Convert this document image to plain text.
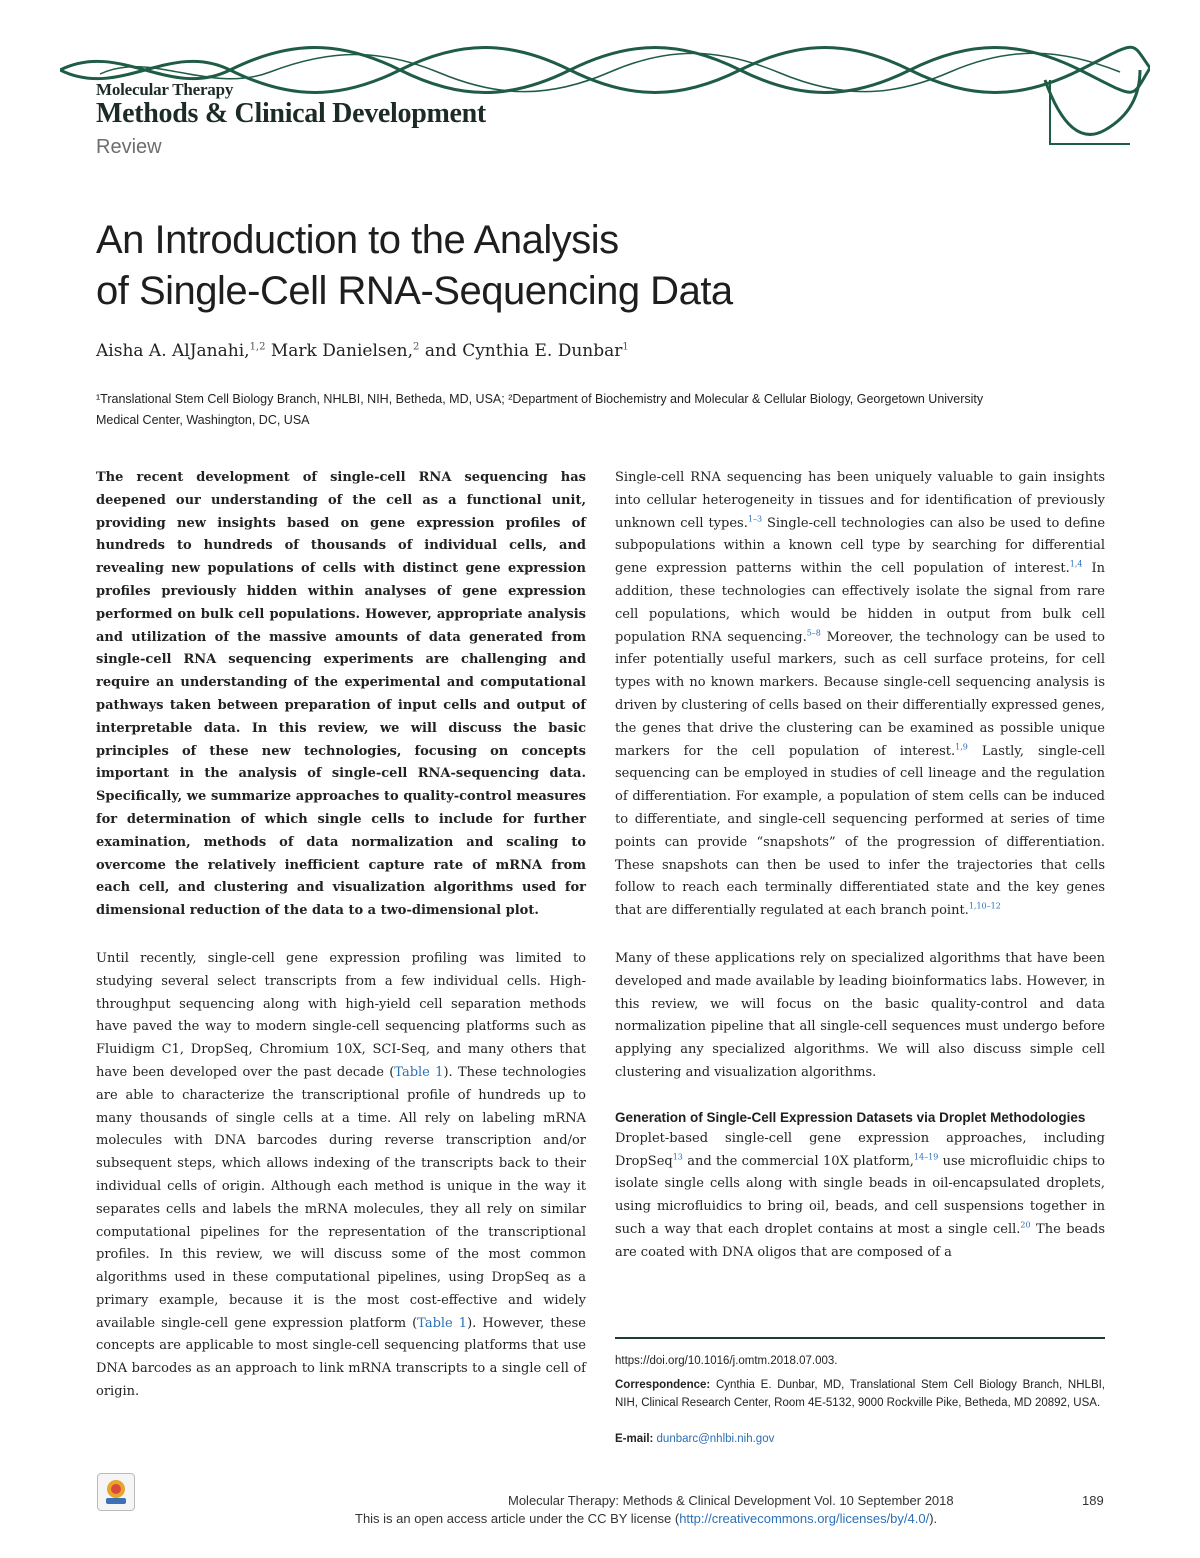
Molecular Therapy
Methods & Clinical Development
Review
An Introduction to the Analysis
of Single-Cell RNA-Sequencing Data
Aisha A. AlJanahi,$^{1,2}$ Mark Danielsen,$^2$ and Cynthia E. Dunbar$^1$
¹Translational Stem Cell Biology Branch, NHLBI, NIH, Betheda, MD, USA; ²Department of Biochemistry and Molecular & Cellular Biology, Georgetown University
Medical Center, Washington, DC, USA

The recent development of single-cell RNA sequencing has deepened our understanding of the cell as a functional unit, providing new insights based on gene expression profiles of hundreds to hundreds of thousands of individual cells, and revealing new populations of cells with distinct gene expression profiles previously hidden within analyses of gene expression performed on bulk cell populations. However, appropriate analysis and utilization of the massive amounts of data generated from single-cell RNA sequencing experiments are challenging and require an understanding of the experimental and computational pathways taken between preparation of input cells and output of interpretable data. In this review, we will discuss the basic principles of these new technologies, focusing on concepts important in the analysis of single-cell RNA-sequencing data. Specifically, we summarize approaches to quality-control measures for determination of which single cells to include for further examination, methods of data normalization and scaling to overcome the relatively inefficient capture rate of mRNA from each cell, and clustering and visualization algorithms used for dimensional reduction of the data to a two-dimensional plot.

Until recently, single-cell gene expression profiling was limited to studying several select transcripts from a few individual cells. High-throughput sequencing along with high-yield cell separation methods have paved the way to modern single-cell sequencing platforms such as Fluidigm C1, DropSeq, Chromium 10X, SCI-Seq, and many others that have been developed over the past decade (Table 1). These technologies are able to characterize the transcriptional profile of hundreds up to many thousands of single cells at a time. All rely on labeling mRNA molecules with DNA barcodes during reverse transcription and/or subsequent steps, which allows indexing of the transcripts back to their individual cells of origin. Although each method is unique in the way it separates cells and labels the mRNA molecules, they all rely on similar computational pipelines for the representation of the transcriptional profiles. In this review, we will discuss some of the most common algorithms used in these computational pipelines, using DropSeq as a primary example, because it is the most cost-effective and widely available single-cell gene expression platform (Table 1). However, these concepts are applicable to most single-cell sequencing platforms that use DNA barcodes as an approach to link mRNA transcripts to a single cell of origin.

Single-cell RNA sequencing has been uniquely valuable to gain insights into cellular heterogeneity in tissues and for identification of previously unknown cell types.$^{1-3}$ Single-cell technologies can also be used to define subpopulations within a known cell type by searching for differential gene expression patterns within the cell population of interest.$^{1,4}$ In addition, these technologies can effectively isolate the signal from rare cell populations, which would be hidden in output from bulk cell population RNA sequencing.$^{5-8}$ Moreover, the technology can be used to infer potentially useful markers, such as cell surface proteins, for cell types with no known markers. Because single-cell sequencing analysis is driven by clustering of cells based on their differentially expressed genes, the genes that drive the clustering can be examined as possible unique markers for the cell population of interest.$^{1,9}$ Lastly, single-cell sequencing can be employed in studies of cell lineage and the regulation of differentiation. For example, a population of stem cells can be induced to differentiate, and single-cell sequencing performed at series of time points can provide “snapshots” of the progression of differentiation. These snapshots can then be used to infer the trajectories that cells follow to reach each terminally differentiated state and the key genes that are differentially regulated at each branch point.$^{1,10-12}$

Many of these applications rely on specialized algorithms that have been developed and made available by leading bioinformatics labs. However, in this review, we will focus on the basic quality-control and data normalization pipeline that all single-cell sequences must undergo before applying any specialized algorithms. We will also discuss simple cell clustering and visualization algorithms.

Generation of Single-Cell Expression Datasets via Droplet Methodologies

Droplet-based single-cell gene expression approaches, including DropSeq$^{13}$ and the commercial 10X platform,$^{14-19}$ use microfluidic chips to isolate single cells along with single beads in oil-encapsulated droplets, using microfluidics to bring oil, beads, and cell suspensions together in such a way that each droplet contains at most a single cell.$^{20}$ The beads are coated with DNA oligos that are composed of a

https://doi.org/10.1016/j.omtm.2018.07.003.
Correspondence: Cynthia E. Dunbar, MD, Translational Stem Cell Biology Branch, NHLBI, NIH, Clinical Research Center, Room 4E-5132, 9000 Rockville Pike, Betheda, MD 20892, USA.
E-mail: dunbarc@nhlbi.nih.gov
Molecular Therapy: Methods & Clinical Development Vol. 10 September 2018	189
This is an open access article under the CC BY license (http://creativecommons.org/licenses/by/4.0/).
